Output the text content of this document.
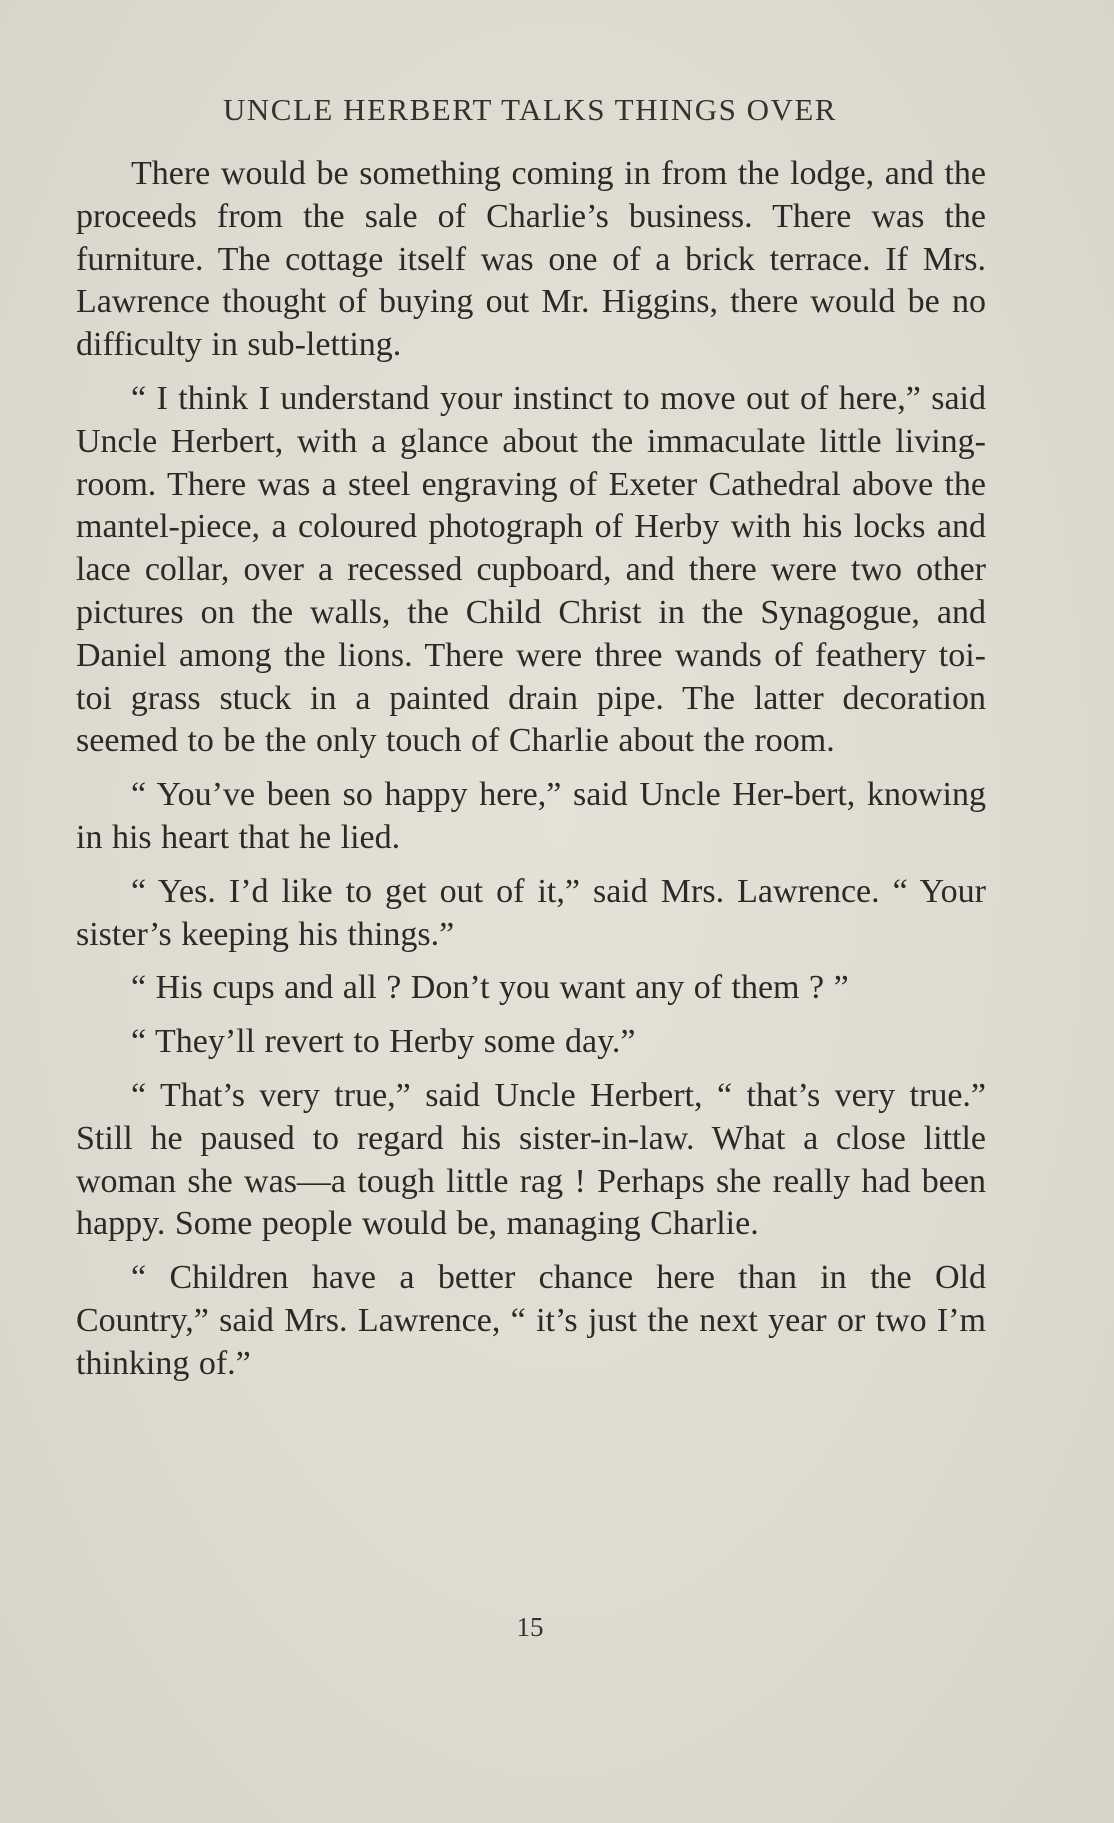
UNCLE HERBERT TALKS THINGS OVER

There would be something coming in from the lodge, and the proceeds from the sale of Charlie’s business. There was the furniture. The cottage itself was one of a brick terrace. If Mrs. Lawrence thought of buying out Mr. Higgins, there would be no difficulty in sub-letting.

“ I think I understand your instinct to move out of here,” said Uncle Herbert, with a glance about the immaculate little living-room. There was a steel engraving of Exeter Cathedral above the mantel-piece, a coloured photograph of Herby with his locks and lace collar, over a recessed cupboard, and there were two other pictures on the walls, the Child Christ in the Synagogue, and Daniel among the lions. There were three wands of feathery toi-toi grass stuck in a painted drain pipe. The latter decoration seemed to be the only touch of Charlie about the room.

“ You’ve been so happy here,” said Uncle Her-bert, knowing in his heart that he lied.

“ Yes. I’d like to get out of it,” said Mrs. Lawrence. “ Your sister’s keeping his things.”

“ His cups and all ? Don’t you want any of them ? ”

“ They’ll revert to Herby some day.”

“ That’s very true,” said Uncle Herbert, “ that’s very true.” Still he paused to regard his sister-in-law. What a close little woman she was—a tough little rag ! Perhaps she really had been happy. Some people would be, managing Charlie.

“ Children have a better chance here than in the Old Country,” said Mrs. Lawrence, “ it’s just the next year or two I’m thinking of.”

15
